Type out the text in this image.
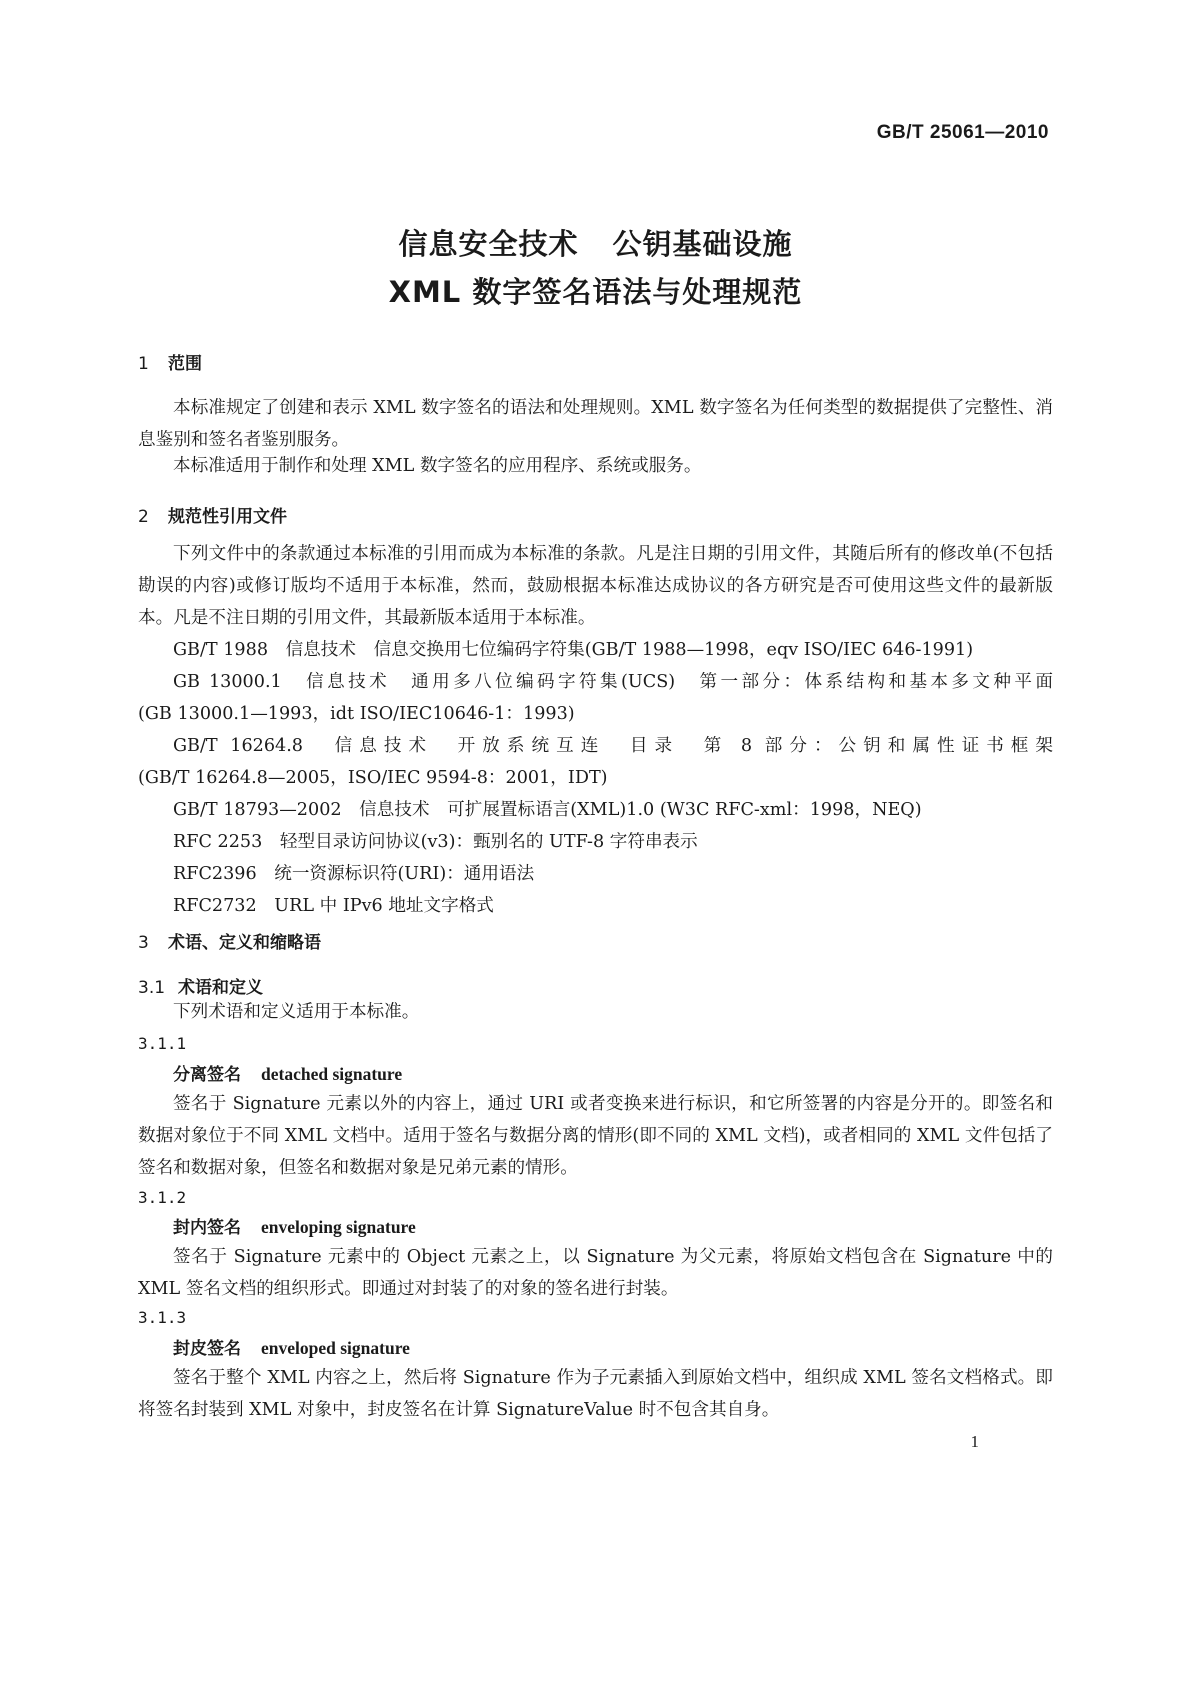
GB/T 25061—2010
信息安全技术 公钥基础设施
XML 数字签名语法与处理规范
1 范围
本标准规定了创建和表示 XML 数字签名的语法和处理规则。XML 数字签名为任何类型的数据提供了完整性、消息鉴别和签名者鉴别服务。
本标准适用于制作和处理 XML 数字签名的应用程序、系统或服务。
2 规范性引用文件
下列文件中的条款通过本标准的引用而成为本标准的条款。凡是注日期的引用文件，其随后所有的修改单(不包括勘误的内容)或修订版均不适用于本标准，然而，鼓励根据本标准达成协议的各方研究是否可使用这些文件的最新版本。凡是不注日期的引用文件，其最新版本适用于本标准。
GB/T 1988　信息技术　信息交换用七位编码字符集(GB/T 1988—1998，eqv ISO/IEC 646-1991)
GB 13000.1　信息技术　通用多八位编码字符集(UCS)　第一部分：体系结构和基本多文种平面
(GB 13000.1—1993，idt ISO/IEC10646-1：1993)
GB/T 16264.8　信息技术　开放系统互连　目录　第 8 部分：公钥和属性证书框架
(GB/T 16264.8—2005，ISO/IEC 9594-8：2001，IDT)
GB/T 18793—2002　信息技术　可扩展置标语言(XML)1.0 (W3C RFC-xml：1998，NEQ)
RFC 2253　轻型目录访问协议(v3)：甄别名的 UTF-8 字符串表示
RFC2396　统一资源标识符(URI)：通用语法
RFC2732　URL 中 IPv6 地址文字格式
3 术语、定义和缩略语
3.1 术语和定义
下列术语和定义适用于本标准。
3.1.1
分离签名 detached signature
签名于 Signature 元素以外的内容上，通过 URI 或者变换来进行标识，和它所签署的内容是分开的。即签名和数据对象位于不同 XML 文档中。适用于签名与数据分离的情形(即不同的 XML 文档)，或者相同的 XML 文件包括了签名和数据对象，但签名和数据对象是兄弟元素的情形。
3.1.2
封内签名 enveloping signature
签名于 Signature 元素中的 Object 元素之上，以 Signature 为父元素，将原始文档包含在 Signature 中的 XML 签名文档的组织形式。即通过对封装了的对象的签名进行封装。
3.1.3
封皮签名 enveloped signature
签名于整个 XML 内容之上，然后将 Signature 作为子元素插入到原始文档中，组织成 XML 签名文档格式。即将签名封装到 XML 对象中，封皮签名在计算 SignatureValue 时不包含其自身。
1
